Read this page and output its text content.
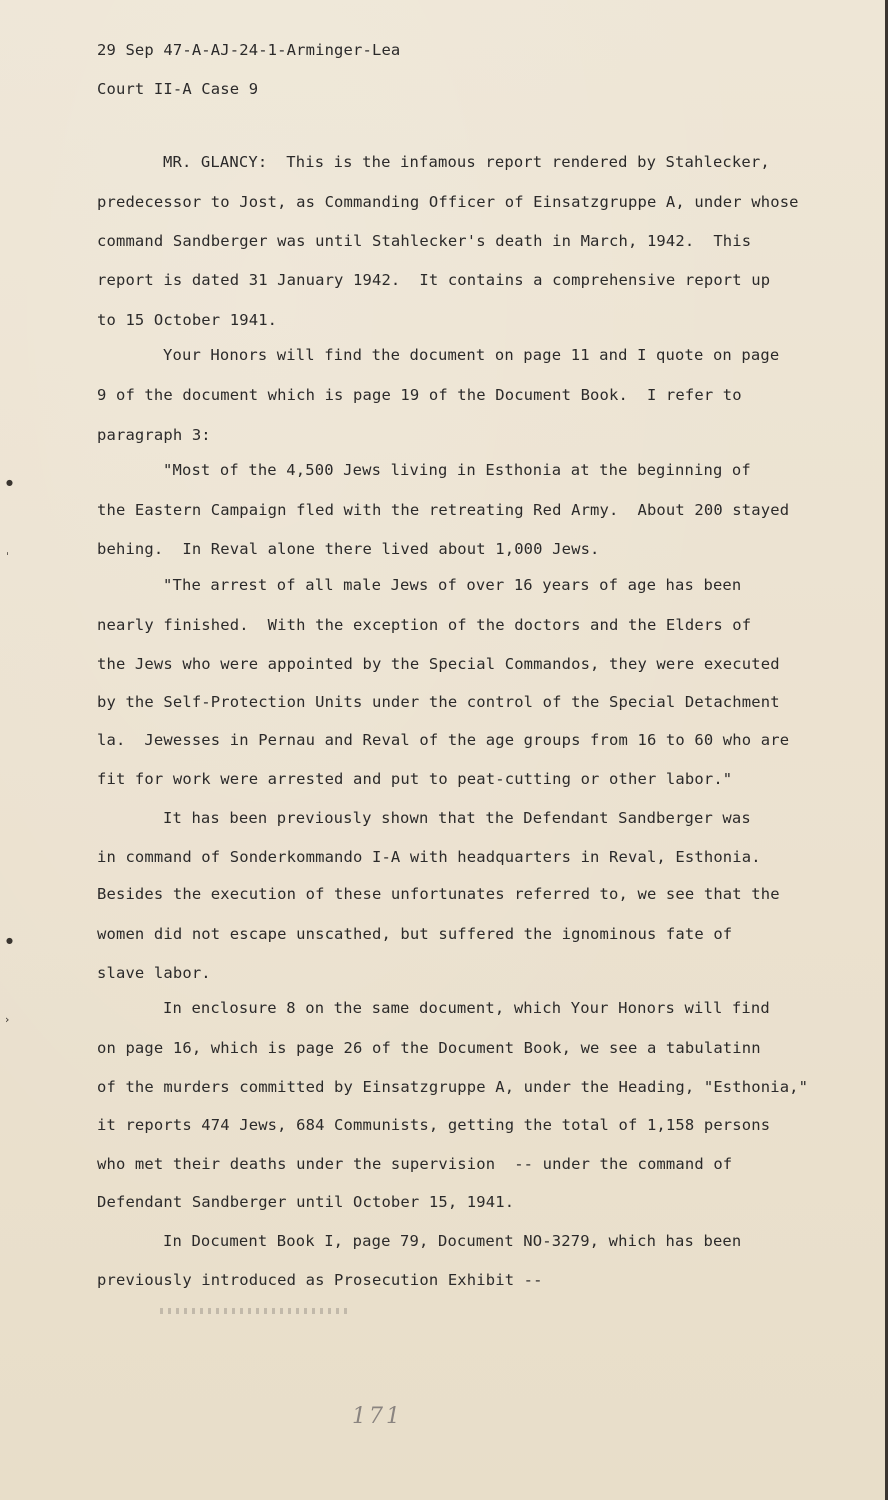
29 Sep 47-A-AJ-24-1-Arminger-Lea
Court II-A Case 9
MR. GLANCY:  This is the infamous report rendered by Stahlecker,
predecessor to Jost, as Commanding Officer of Einsatzgruppe A, under whose
command Sandberger was until Stahlecker's death in March, 1942.  This
report is dated 31 January 1942.  It contains a comprehensive report up
to 15 October 1941.
Your Honors will find the document on page 11 and I quote on page
9 of the document which is page 19 of the Document Book.  I refer to
paragraph 3:
"Most of the 4,500 Jews living in Esthonia at the beginning of
the Eastern Campaign fled with the retreating Red Army.  About 200 stayed
behing.  In Reval alone there lived about 1,000 Jews.
"The arrest of all male Jews of over 16 years of age has been
nearly finished.  With the exception of the doctors and the Elders of
the Jews who were appointed by the Special Commandos, they were executed
by the Self-Protection Units under the control of the Special Detachment
la.  Jewesses in Pernau and Reval of the age groups from 16 to 60 who are
fit for work were arrested and put to peat-cutting or other labor."
It has been previously shown that the Defendant Sandberger was
in command of Sonderkommando I-A with headquarters in Reval, Esthonia.
Besides the execution of these unfortunates referred to, we see that the
women did not escape unscathed, but suffered the ignominous fate of
slave labor.
In enclosure 8 on the same document, which Your Honors will find
on page 16, which is page 26 of the Document Book, we see a tabulatinn
of the murders committed by Einsatzgruppe A, under the Heading, "Esthonia,"
it reports 474 Jews, 684 Communists, getting the total of 1,158 persons
who met their deaths under the supervision  -- under the command of
Defendant Sandberger until October 15, 1941.
In Document Book I, page 79, Document NO-3279, which has been
previously introduced as Prosecution Exhibit --
●
ˈ
●
›
171
